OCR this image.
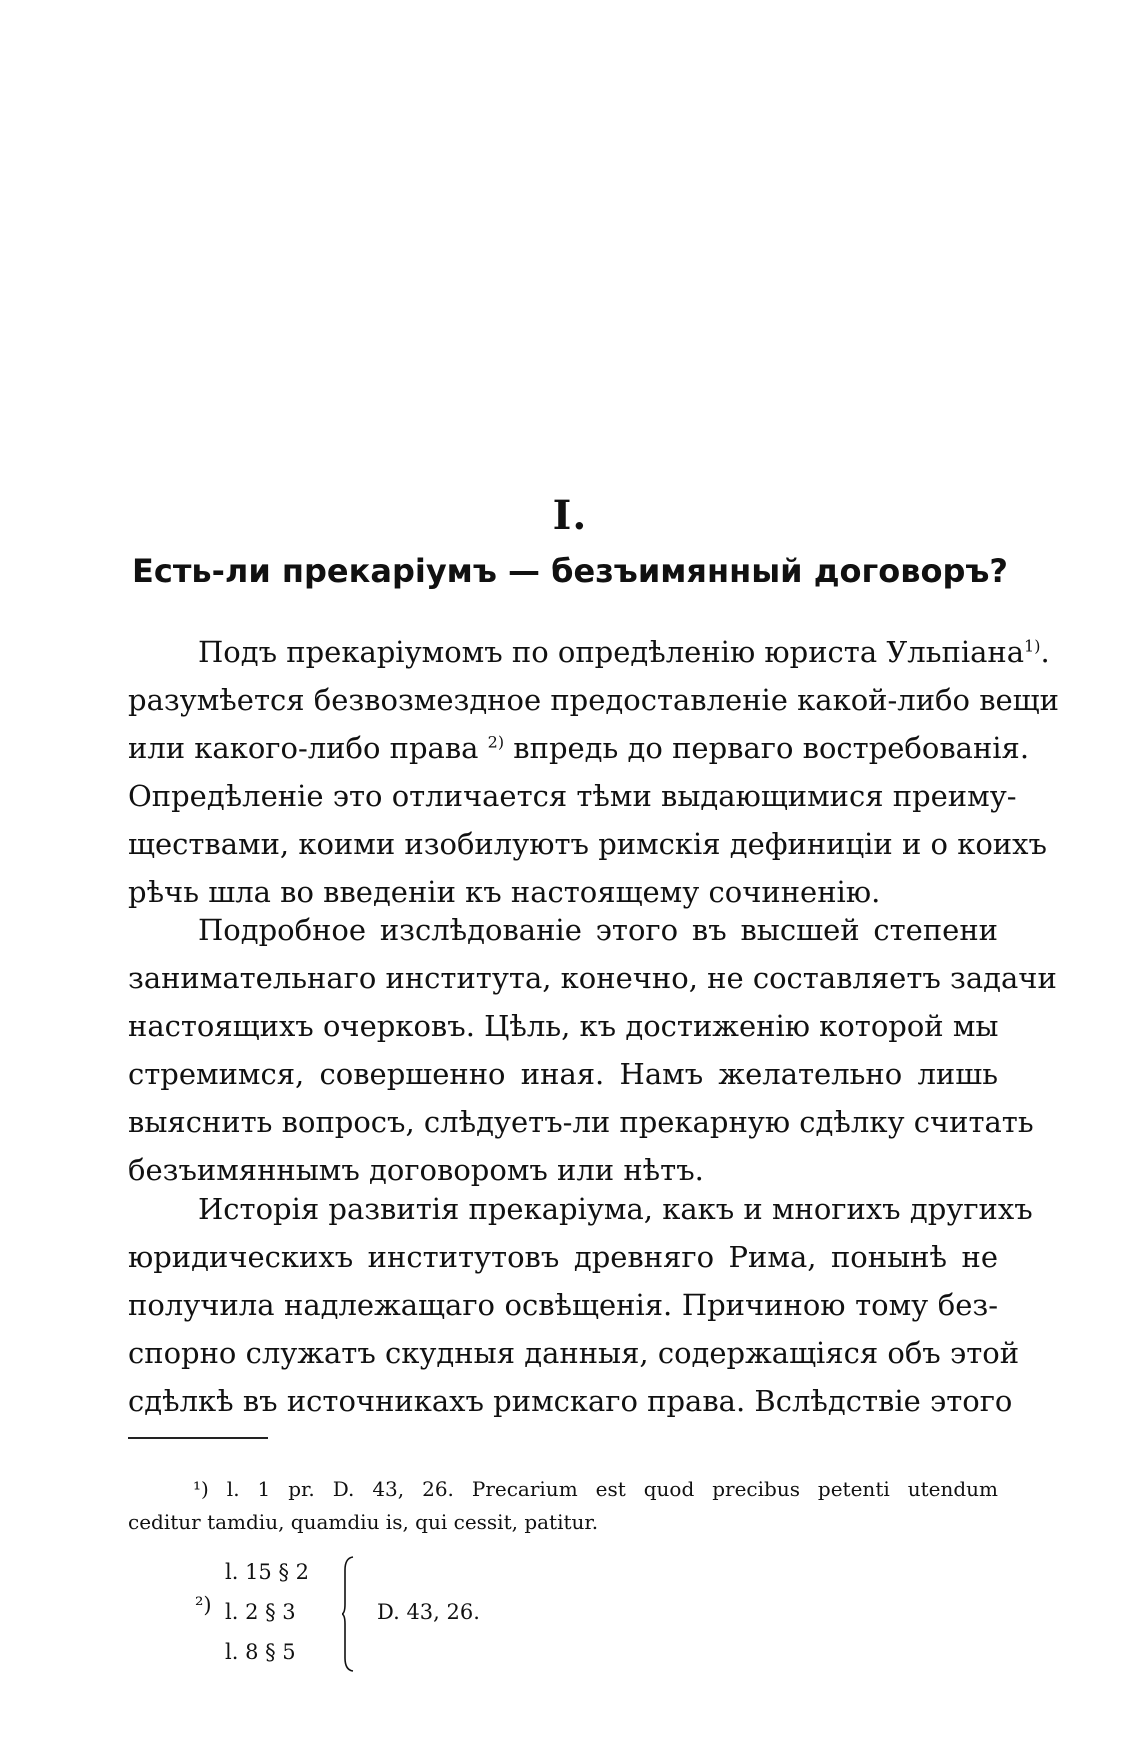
I.
Есть-ли прекаріумъ — безъимянный договоръ?
Подъ прекаріумомъ по опредѣленію юриста Ульпіана$^{1)}$.
разумѣется безвозмездное предоставленіе какой-либо вещи
или какого-либо права $^{2)}$ впредь до перваго востребованія.
Опредѣленіе это отличается тѣми выдающимися преиму-
ществами, коими изобилуютъ римскія дефиниціи и о коихъ
рѣчь шла во введеніи къ настоящему сочиненію.
Подробное изслѣдованіе этого въ высшей степени
занимательнаго института, конечно, не составляетъ задачи
настоящихъ очерковъ. Цѣль, къ достиженію которой мы
стремимся, совершенно иная. Намъ желательно лишь
выяснить вопросъ, слѣдуетъ-ли прекарную сдѣлку считать
безъимяннымъ договоромъ или нѣтъ.
Исторія развитія прекаріума, какъ и многихъ другихъ
юридическихъ институтовъ древняго Рима, понынѣ не
получила надлежащаго освѣщенія. Причиною тому без-
спорно служатъ скудныя данныя, содержащіяся объ этой
сдѣлкѣ въ источникахъ римскаго права. Вслѣдствіе этого
¹) l. 1 pr. D. 43, 26. Precarium est quod precibus petenti utendum
ceditur tamdiu, quamdiu is, qui cessit, patitur.
²)
l. 15 § 2
l. 2 § 3
l. 8 § 5
D. 43, 26.
